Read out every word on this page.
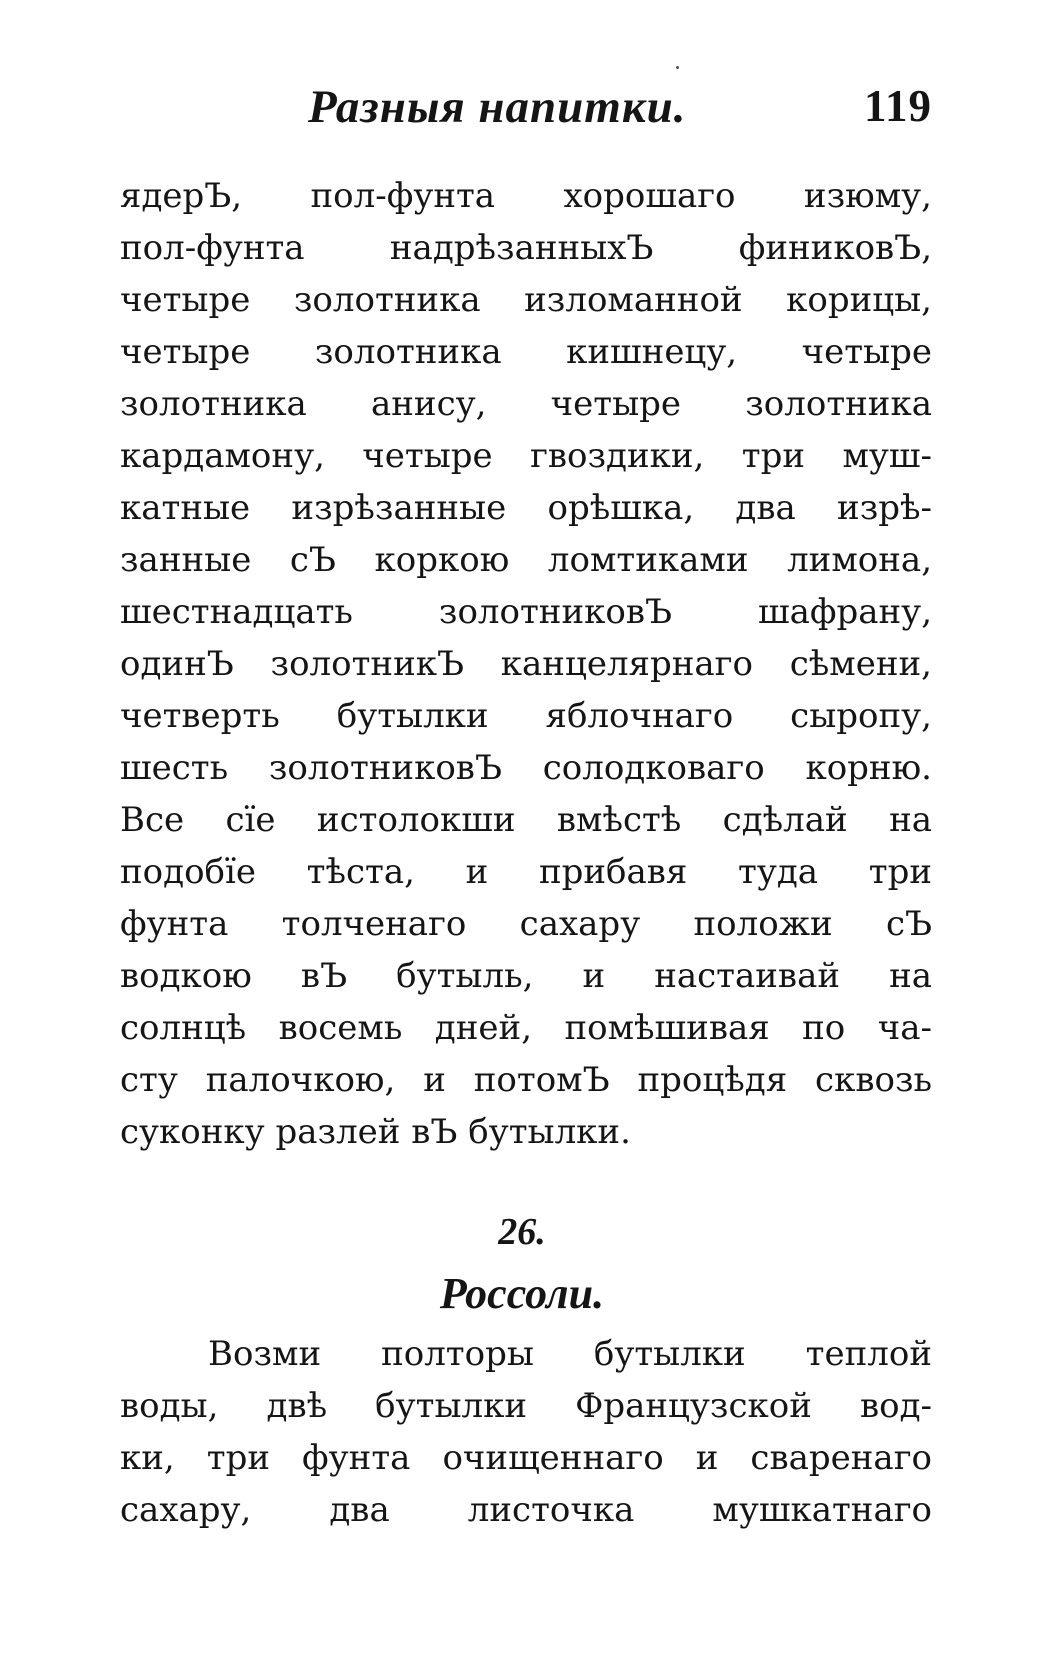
Разныя напитки.	119
ядерЪ, пол-фунта хорошаго изюму,
пол-фунта надрѣзанныхЪ финиковЪ,
четыре золотника изломанной корицы,
четыре золотника кишнецу, четыре
золотника анису, четыре золотника
кардамону, четыре гвоздики, три муш-
катные изрѣзанные орѣшка, два изрѣ-
занные сЪ коркою ломтиками лимона,
шестнадцать золотниковЪ шафрану,
одинЪ золотникЪ канцелярнаго сѣмени,
четверть бутылки яблочнаго сыропу,
шесть золотниковЪ солодковаго корню.
Все сїе истолокши вмѣстѣ сдѣлай на
подобїе тѣста, и прибавя туда три
фунта толченаго сахару положи сЪ
водкою вЪ бутыль, и настаивай на
солнцѣ восемь дней, помѣшивая по ча-
сту палочкою, и потомЪ процѣдя сквозь
суконку разлей вЪ бутылки.
26.
Россоли.
Возми полторы бутылки теплой
воды, двѣ бутылки Французской вод-
ки, три фунта очищеннаго и сваренаго
сахару, два листочка мушкатнаго
